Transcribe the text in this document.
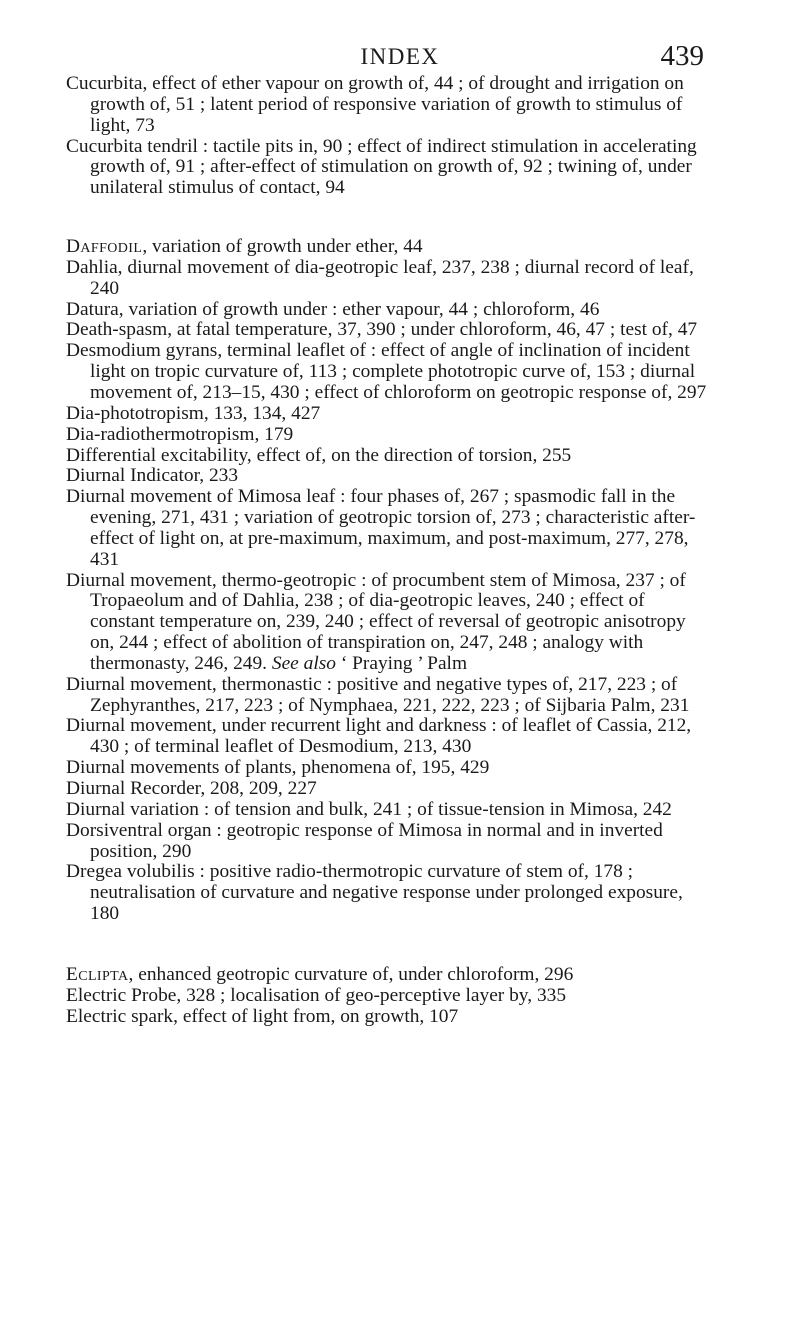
INDEX	439

Cucurbita, effect of ether vapour on growth of, 44 ; of drought and irrigation on growth of, 51 ; latent period of responsive variation of growth to stimulus of light, 73

Cucurbita tendril : tactile pits in, 90 ; effect of indirect stimulation in accelerating growth of, 91 ; after-effect of stimulation on growth of, 92 ; twining of, under unilateral stimulus of contact, 94

Daffodil, variation of growth under ether, 44

Dahlia, diurnal movement of dia-geotropic leaf, 237, 238 ; diurnal record of leaf, 240

Datura, variation of growth under : ether vapour, 44 ; chloroform, 46

Death-spasm, at fatal temperature, 37, 390 ; under chloroform, 46, 47 ; test of, 47

Desmodium gyrans, terminal leaflet of : effect of angle of inclination of incident light on tropic curvature of, 113 ; complete phototropic curve of, 153 ; diurnal movement of, 213–15, 430 ; effect of chloroform on geotropic response of, 297

Dia-phototropism, 133, 134, 427

Dia-radiothermotropism, 179

Differential excitability, effect of, on the direction of torsion, 255

Diurnal Indicator, 233

Diurnal movement of Mimosa leaf : four phases of, 267 ; spasmodic fall in the evening, 271, 431 ; variation of geotropic torsion of, 273 ; characteristic after-effect of light on, at pre-maximum, maximum, and post-maximum, 277, 278, 431

Diurnal movement, thermo-geotropic : of procumbent stem of Mimosa, 237 ; of Tropaeolum and of Dahlia, 238 ; of dia-geotropic leaves, 240 ; effect of constant temperature on, 239, 240 ; effect of reversal of geotropic anisotropy on, 244 ; effect of abolition of transpiration on, 247, 248 ; analogy with thermonasty, 246, 249. See also ‘ Praying ’ Palm

Diurnal movement, thermonastic : positive and negative types of, 217, 223 ; of Zephyranthes, 217, 223 ; of Nymphaea, 221, 222, 223 ; of Sijbaria Palm, 231

Diurnal movement, under recurrent light and darkness : of leaflet of Cassia, 212, 430 ; of terminal leaflet of Desmodium, 213, 430

Diurnal movements of plants, phenomena of, 195, 429

Diurnal Recorder, 208, 209, 227

Diurnal variation : of tension and bulk, 241 ; of tissue-tension in Mimosa, 242

Dorsiventral organ : geotropic response of Mimosa in normal and in inverted position, 290

Dregea volubilis : positive radio-thermotropic curvature of stem of, 178 ; neutralisation of curvature and negative response under prolonged exposure, 180

Eclipta, enhanced geotropic curvature of, under chloroform, 296

Electric Probe, 328 ; localisation of geo-perceptive layer by, 335

Electric spark, effect of light from, on growth, 107
